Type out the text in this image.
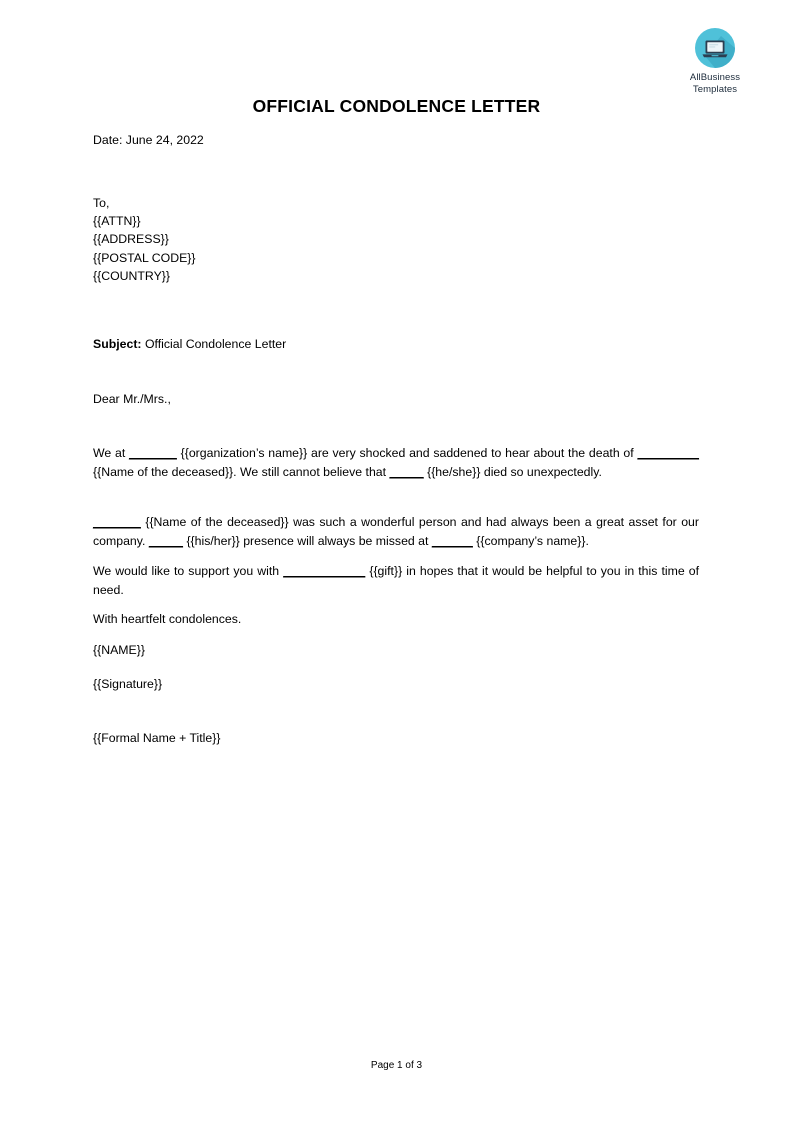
AllBusiness
Templates
OFFICIAL CONDOLENCE LETTER
Date: June 24, 2022
To,
{{ATTN}}
{{ADDRESS}}
{{POSTAL CODE}}
{{COUNTRY}}
Subject: Official Condolence Letter
Dear Mr./Mrs.,
We at _______ {{organization’s name}} are very shocked and saddened to hear about the death of _________ {{Name of the deceased}}. We still cannot believe that _____ {{he/she}} died so unexpectedly.
_______ {{Name of the deceased}} was such a wonderful person and had always been a great asset for our company. _____ {{his/her}} presence will always be missed at ______ {{company’s name}}.
We would like to support you with ____________ {{gift}} in hopes that it would be helpful to you in this time of need.
With heartfelt condolences.
{{NAME}}
{{Signature}}
{{Formal Name + Title}}
Page 1 of 3
